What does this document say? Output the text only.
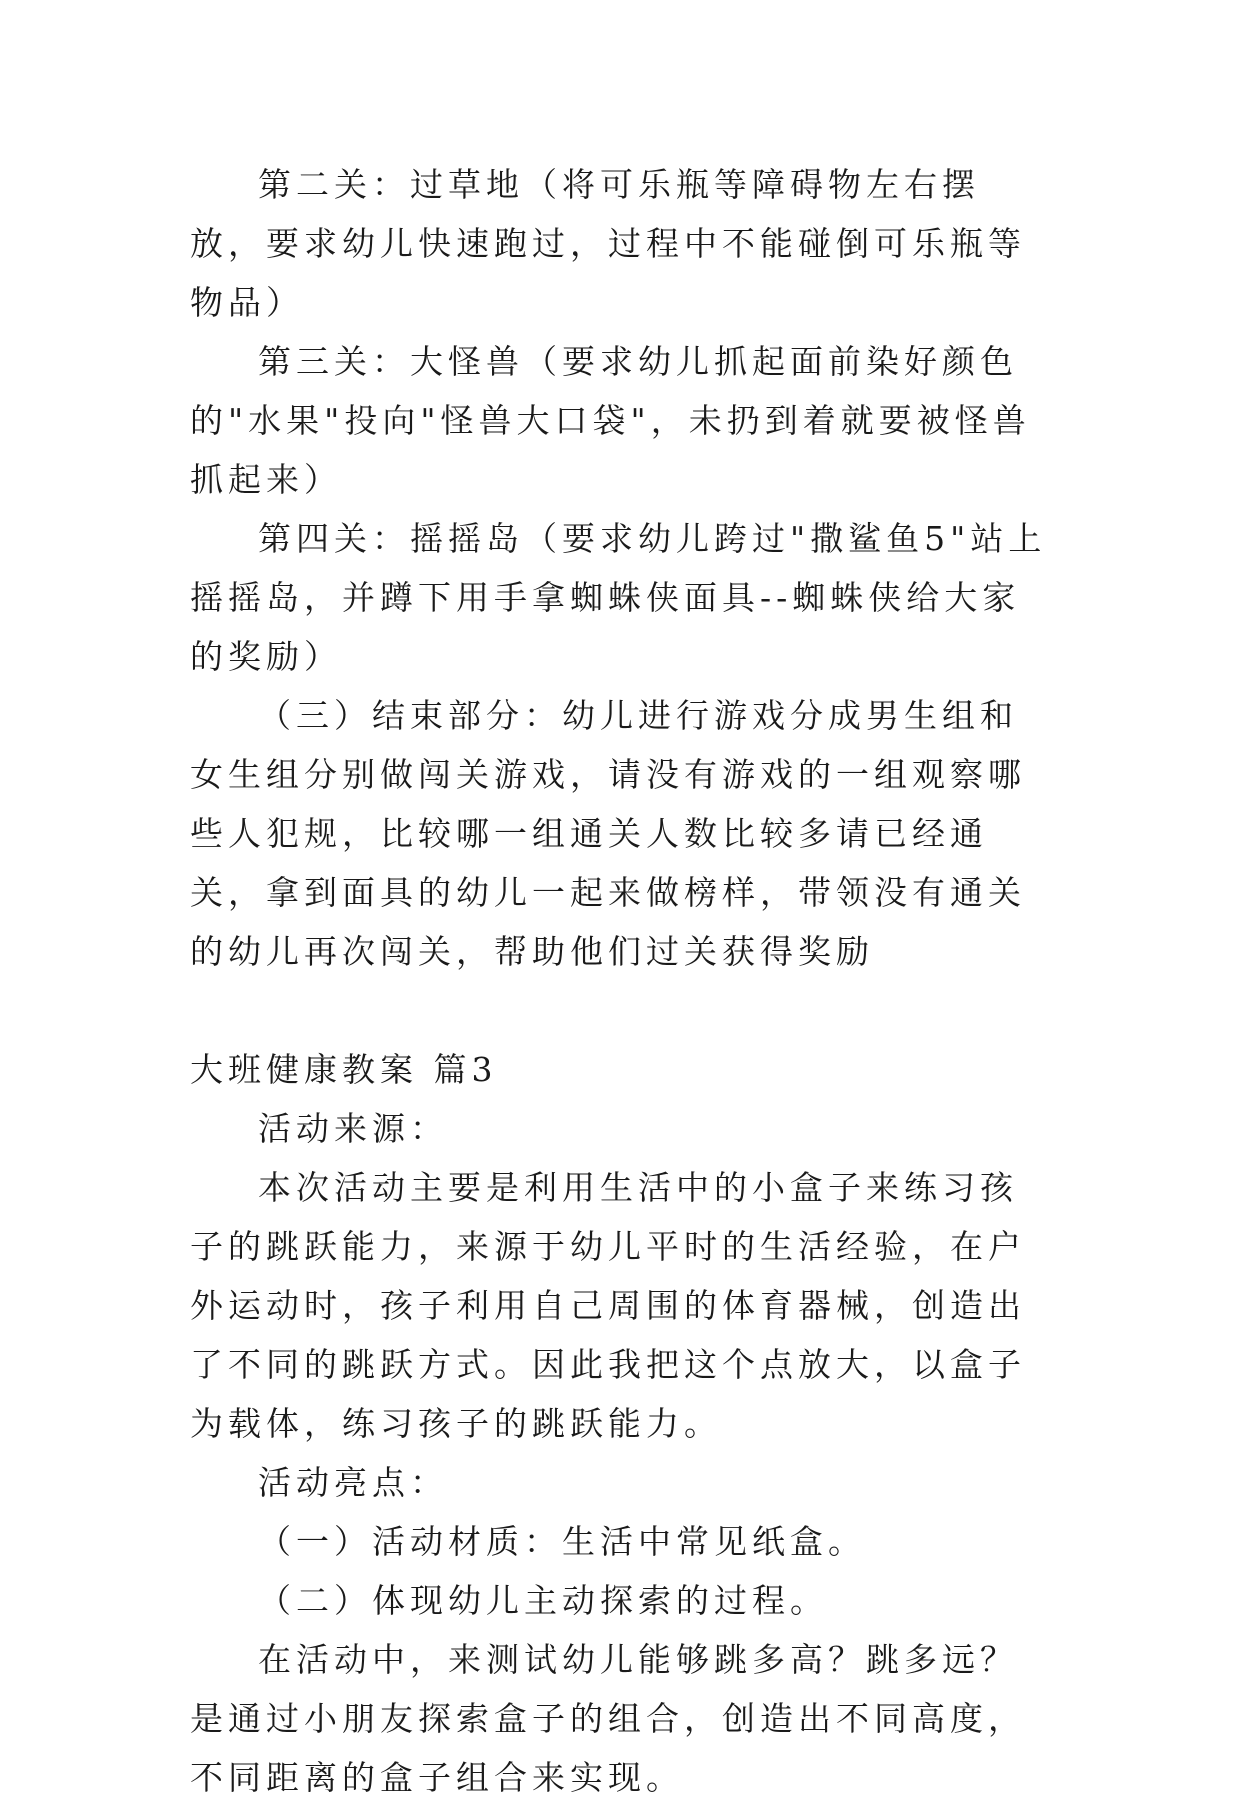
第二关：过草地（将可乐瓶等障碍物左右摆放，要求幼儿快速跑过，过程中不能碰倒可乐瓶等物品）

第三关：大怪兽（要求幼儿抓起面前染好颜色的"水果"投向"怪兽大口袋"，未扔到着就要被怪兽抓起来）

第四关：摇摇岛（要求幼儿跨过"撒鲨鱼5"站上摇摇岛，并蹲下用手拿蜘蛛侠面具--蜘蛛侠给大家的奖励）

（三）结束部分：幼儿进行游戏分成男生组和女生组分别做闯关游戏，请没有游戏的一组观察哪些人犯规，比较哪一组通关人数比较多请已经通关，拿到面具的幼儿一起来做榜样，带领没有通关的幼儿再次闯关，帮助他们过关获得奖励

大班健康教案 篇3

活动来源：

本次活动主要是利用生活中的小盒子来练习孩子的跳跃能力，来源于幼儿平时的生活经验，在户外运动时，孩子利用自己周围的体育器械，创造出了不同的跳跃方式。因此我把这个点放大，以盒子为载体，练习孩子的跳跃能力。

活动亮点：

（一）活动材质：生活中常见纸盒。

（二）体现幼儿主动探索的过程。

在活动中，来测试幼儿能够跳多高？跳多远？是通过小朋友探索盒子的组合，创造出不同高度，不同距离的盒子组合来实现。
